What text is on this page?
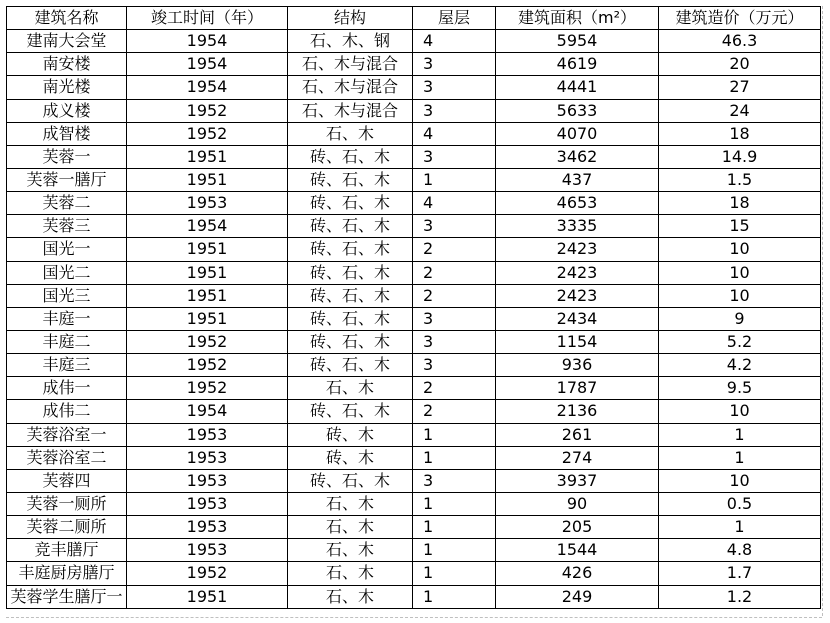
建筑名称	竣工时间（年）	结构	屋层	建筑面积（m²）	建筑造价（万元）
建南大会堂	1954	石、木、钢	4	5954	46.3
南安楼	1954	石、木与混合	3	4619	20
南光楼	1954	石、木与混合	3	4441	27
成义楼	1952	石、木与混合	3	5633	24
成智楼	1952	石、木	4	4070	18
芙蓉一	1951	砖、石、木	3	3462	14.9
芙蓉一膳厅	1951	砖、石、木	1	437	1.5
芙蓉二	1953	砖、石、木	4	4653	18
芙蓉三	1954	砖、石、木	3	3335	15
国光一	1951	砖、石、木	2	2423	10
国光二	1951	砖、石、木	2	2423	10
国光三	1951	砖、石、木	2	2423	10
丰庭一	1951	砖、石、木	3	2434	9
丰庭二	1952	砖、石、木	3	1154	5.2
丰庭三	1952	砖、石、木	3	936	4.2
成伟一	1952	石、木	2	1787	9.5
成伟二	1954	砖、石、木	2	2136	10
芙蓉浴室一	1953	砖、木	1	261	1
芙蓉浴室二	1953	砖、木	1	274	1
芙蓉四	1953	砖、石、木	3	3937	10
芙蓉一厕所	1953	石、木	1	90	0.5
芙蓉二厕所	1953	石、木	1	205	1
竞丰膳厅	1953	石、木	1	1544	4.8
丰庭厨房膳厅	1952	石、木	1	426	1.7
芙蓉学生膳厅一	1951	石、木	1	249	1.2
